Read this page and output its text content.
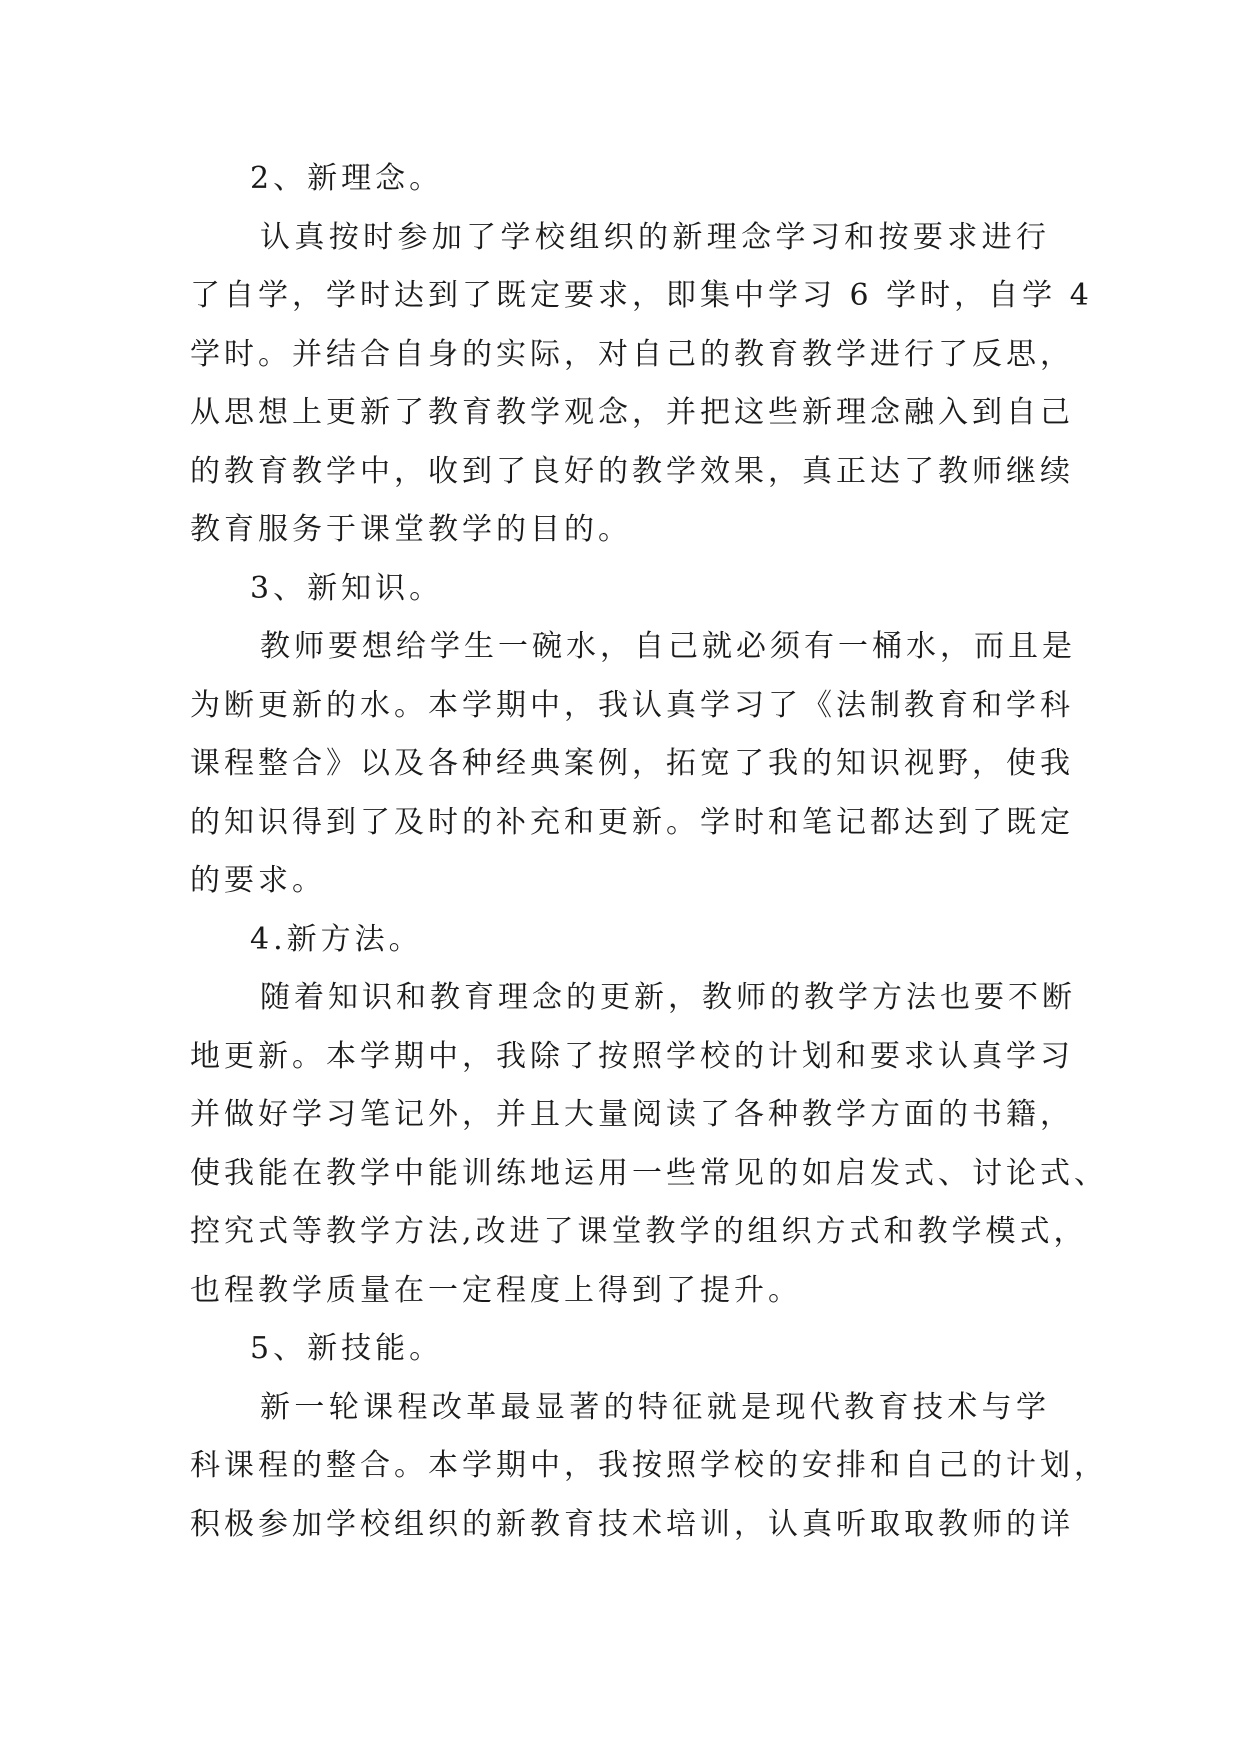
2、新理念。

认真按时参加了学校组织的新理念学习和按要求进行
了自学，学时达到了既定要求，即集中学习 6 学时，自学 4
学时。并结合自身的实际，对自己的教育教学进行了反思，
从思想上更新了教育教学观念，并把这些新理念融入到自己
的教育教学中，收到了良好的教学效果，真正达了教师继续
教育服务于课堂教学的目的。

3、新知识。

教师要想给学生一碗水，自己就必须有一桶水，而且是
为断更新的水。本学期中，我认真学习了《法制教育和学科
课程整合》以及各种经典案例，拓宽了我的知识视野，使我
的知识得到了及时的补充和更新。学时和笔记都达到了既定
的要求。

4.新方法。

随着知识和教育理念的更新，教师的教学方法也要不断
地更新。本学期中，我除了按照学校的计划和要求认真学习
并做好学习笔记外，并且大量阅读了各种教学方面的书籍，
使我能在教学中能训练地运用一些常见的如启发式、讨论式、
控究式等教学方法,改进了课堂教学的组织方式和教学模式，
也程教学质量在一定程度上得到了提升。

5、新技能。

新一轮课程改革最显著的特征就是现代教育技术与学
科课程的整合。本学期中，我按照学校的安排和自己的计划，
积极参加学校组织的新教育技术培训，认真听取取教师的详
